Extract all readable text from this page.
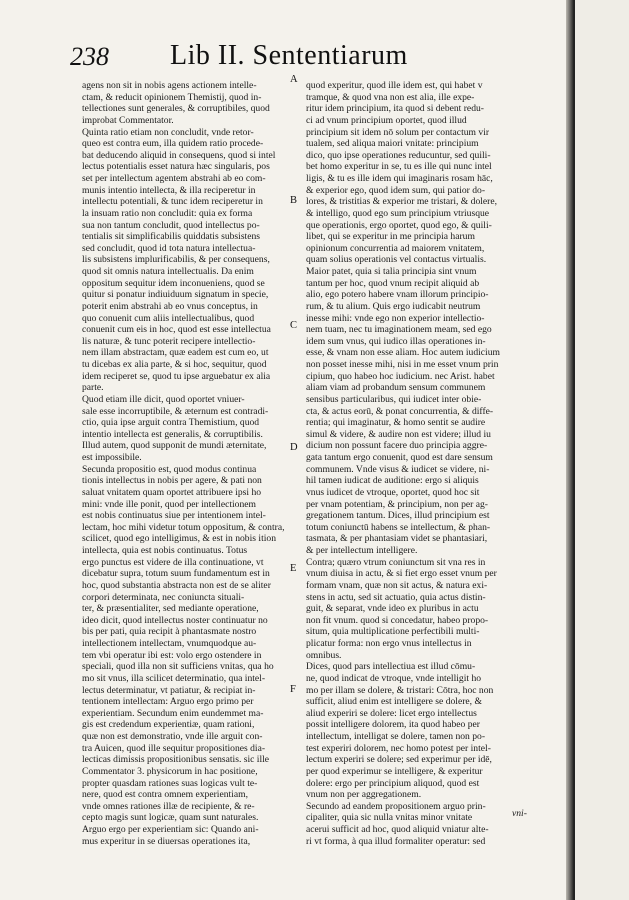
238 Lib II. Sententiarum
agens non sit in nobis agens actionem intelle-
ctam, & reducit opinionem Themistij, quod in-
tellectiones sunt generales, & corruptibiles, quod
improbat Commentator.
Quinta ratio etiam non concludit, vnde retor-
queo est contra eum, illa quidem ratio procede-
bat deducendo aliquid in consequens, quod si intel
lectus potentialis esset natura hæc singularis, pos
set per intellectum agentem abstrahi ab eo com-
munis intentio intellecta, & illa reciperetur in
intellectu potentiali, & tunc idem reciperetur in
la insuam ratio non concludit: quia ex forma
sua non tantum concludit, quod intellectus po-
tentialis sit simplificabilis quiddatis subsistens
sed concludit, quod id tota natura intellectua-
lis subsistens implurificabilis, & per consequens,
quod sit omnis natura intellectualis. Da enim
oppositum sequitur idem inconueniens, quod se
quitur si ponatur indiuiduum signatum in specie,
poterit enim abstrahi ab eo vnus conceptus, in
quo conuenit cum aliis intellectualibus, quod
conuenit cum eis in hoc, quod est esse intellectua
lis naturæ, & tunc poterit recipere intellectio-
nem illam abstractam, quæ eadem est cum eo, ut
tu dicebas ex alia parte, & si hoc, sequitur, quod
idem reciperet se, quod tu ipse arguebatur ex alia
parte.
Quod etiam ille dicit, quod oportet vniuer-
sale esse incorruptibile, & æternum est contradi-
ctio, quia ipse arguit contra Themistium, quod
intentio intellecta est generalis, & corruptibilis.
Illud autem, quod supponit de mundi æternitate,
est impossibile.
Secunda propositio est, quod modus continua
tionis intellectus in nobis per agere, & pati non
saluat vnitatem quam oportet attribuere ipsi ho
mini: vnde ille ponit, quod per intellectionem
est nobis continuatus siue per intentionem intel-
lectam, hoc mihi videtur totum oppositum, & contra,
scilicet, quod ego intelligimus, & est in nobis ition
intellecta, quia est nobis continuatus. Totus
ergo punctus est videre de illa continuatione, vt
dicebatur supra, totum suum fundamentum est in
hoc, quod substantia abstracta non est de se aliter
corpori determinata, nec coniuncta situali-
ter, & præsentialiter, sed mediante operatione,
ideo dicit, quod intellectus noster continuatur no
bis per pati, quia recipit à phantasmate nostro
intellectionem intellectam, vnumquodque au-
tem vbi operatur ibi est: volo ergo ostendere in
speciali, quod illa non sit sufficiens vnitas, qua ho
mo sit vnus, illa scilicet determinatio, qua intel-
lectus determinatur, vt patiatur, & recipiat in-
tentionem intellectam: Arguo ergo primo per
experientiam. Secundum enim eundemmet ma-
gis est credendum experientiæ, quam rationi,
quæ non est demonstratio, vnde ille arguit con-
tra Auicen, quod ille sequitur propositiones dia-
lecticas dimissis propositionibus sensatis. sic ille
Commentator 3. physicorum in hac positione,
propter quasdam rationes suas logicas vult te-
nere, quod est contra omnem experientiam,
vnde omnes rationes illæ de recipiente, & re-
cepto magis sunt logicæ, quam sunt naturales.
Arguo ergo per experientiam sic: Quando ani-
mus experitur in se diuersas operationes ita,
A
B
C
D
E
F
quod experitur, quod ille idem est, qui habet v
tramque, & quod vna non est alia, ille expe-
ritur idem principium, ita quod si debent redu-
ci ad vnum principium oportet, quod illud
principium sit idem nō solum per contactum vir
tualem, sed aliqua maiori vnitate: principium
dico, quo ipse operationes reducuntur, sed quili-
bet homo experitur in se, tu es ille qui nunc intel
ligis, & tu es ille idem qui imaginaris rosam hāc,
& experior ego, quod idem sum, qui patior do-
lores, & tristitias & experior me tristari, & dolere,
& intelligo, quod ego sum principium vtriusque
que operationis, ergo oportet, quod ego, & quili-
libet, qui se experitur in me principia harum
opinionum concurrentia ad maiorem vnitatem,
quam solius operationis vel contactus virtualis.
Maior patet, quia si talia principia sint vnum
tantum per hoc, quod vnum recipit aliquid ab
alio, ego potero habere vnam illorum principio-
rum, & tu alium. Quis ergo iudicabit neutrum
inesse mihi: vnde ego non experior intellectio-
nem tuam, nec tu imaginationem meam, sed ego
idem sum vnus, qui iudico illas operationes in-
esse, & vnam non esse aliam. Hoc autem iudicium
non posset inesse mihi, nisi in me esset vnum prin
cipium, quo habeo hoc iudicium. nec Arist. habet
aliam viam ad probandum sensum communem
sensibus particularibus, qui iudicet inter obie-
cta, & actus eorū, & ponat concurrentia, & diffe-
rentia; qui imaginatur, & homo sentit se audire
simul & videre, & audire non est videre; illud iu
dicium non possunt facere duo principia aggre-
gata tantum ergo conuenit, quod est dare sensum
communem. Vnde visus & iudicet se videre, ni-
hil tamen iudicat de auditione: ergo si aliquis
vnus iudicet de vtroque, oportet, quod hoc sit
per vnam potentiam, & principium, non per ag-
gregationem tantum. Dices, illud principium est
totum coniunctū habens se intellectum, & phan-
tasmata, & per phantasiam videt se phantasiari,
& per intellectum intelligere.
Contra; quæro vtrum coniunctum sit vna res in
vnum diuisa in actu, & si fiet ergo esset vnum per
formam vnam, quæ non sit actus, & natura exi-
stens in actu, sed sit actuatio, quia actus distin-
guit, & separat, vnde ideo ex pluribus in actu
non fit vnum. quod si concedatur, habeo propo-
situm, quia multiplicatione perfectibili multi-
plicatur forma: non ergo vnus intellectus in
omnibus.
Dices, quod pars intellectiua est illud cōmu-
ne, quod indicat de vtroque, vnde intelligit ho
mo per illam se dolere, & tristari: Cōtra, hoc non
sufficit, aliud enim est intelligere se dolere, &
aliud experiri se dolere: licet ergo intellectus
possit intelligere dolorem, ita quod habeo per
intellectum, intelligat se dolere, tamen non po-
test experiri dolorem, nec homo potest per intel-
lectum experiri se dolere; sed experimur per idē,
per quod experimur se intelligere, & experitur
dolere: ergo per principium aliquod, quod est
vnum non per aggregationem.
Secundo ad eandem propositionem arguo prin-
cipaliter, quia sic nulla vnitas minor vnitate
acerui sufficit ad hoc, quod aliquid vniatur alte-
ri vt forma, à qua illud formaliter operatur: sed
vni-
